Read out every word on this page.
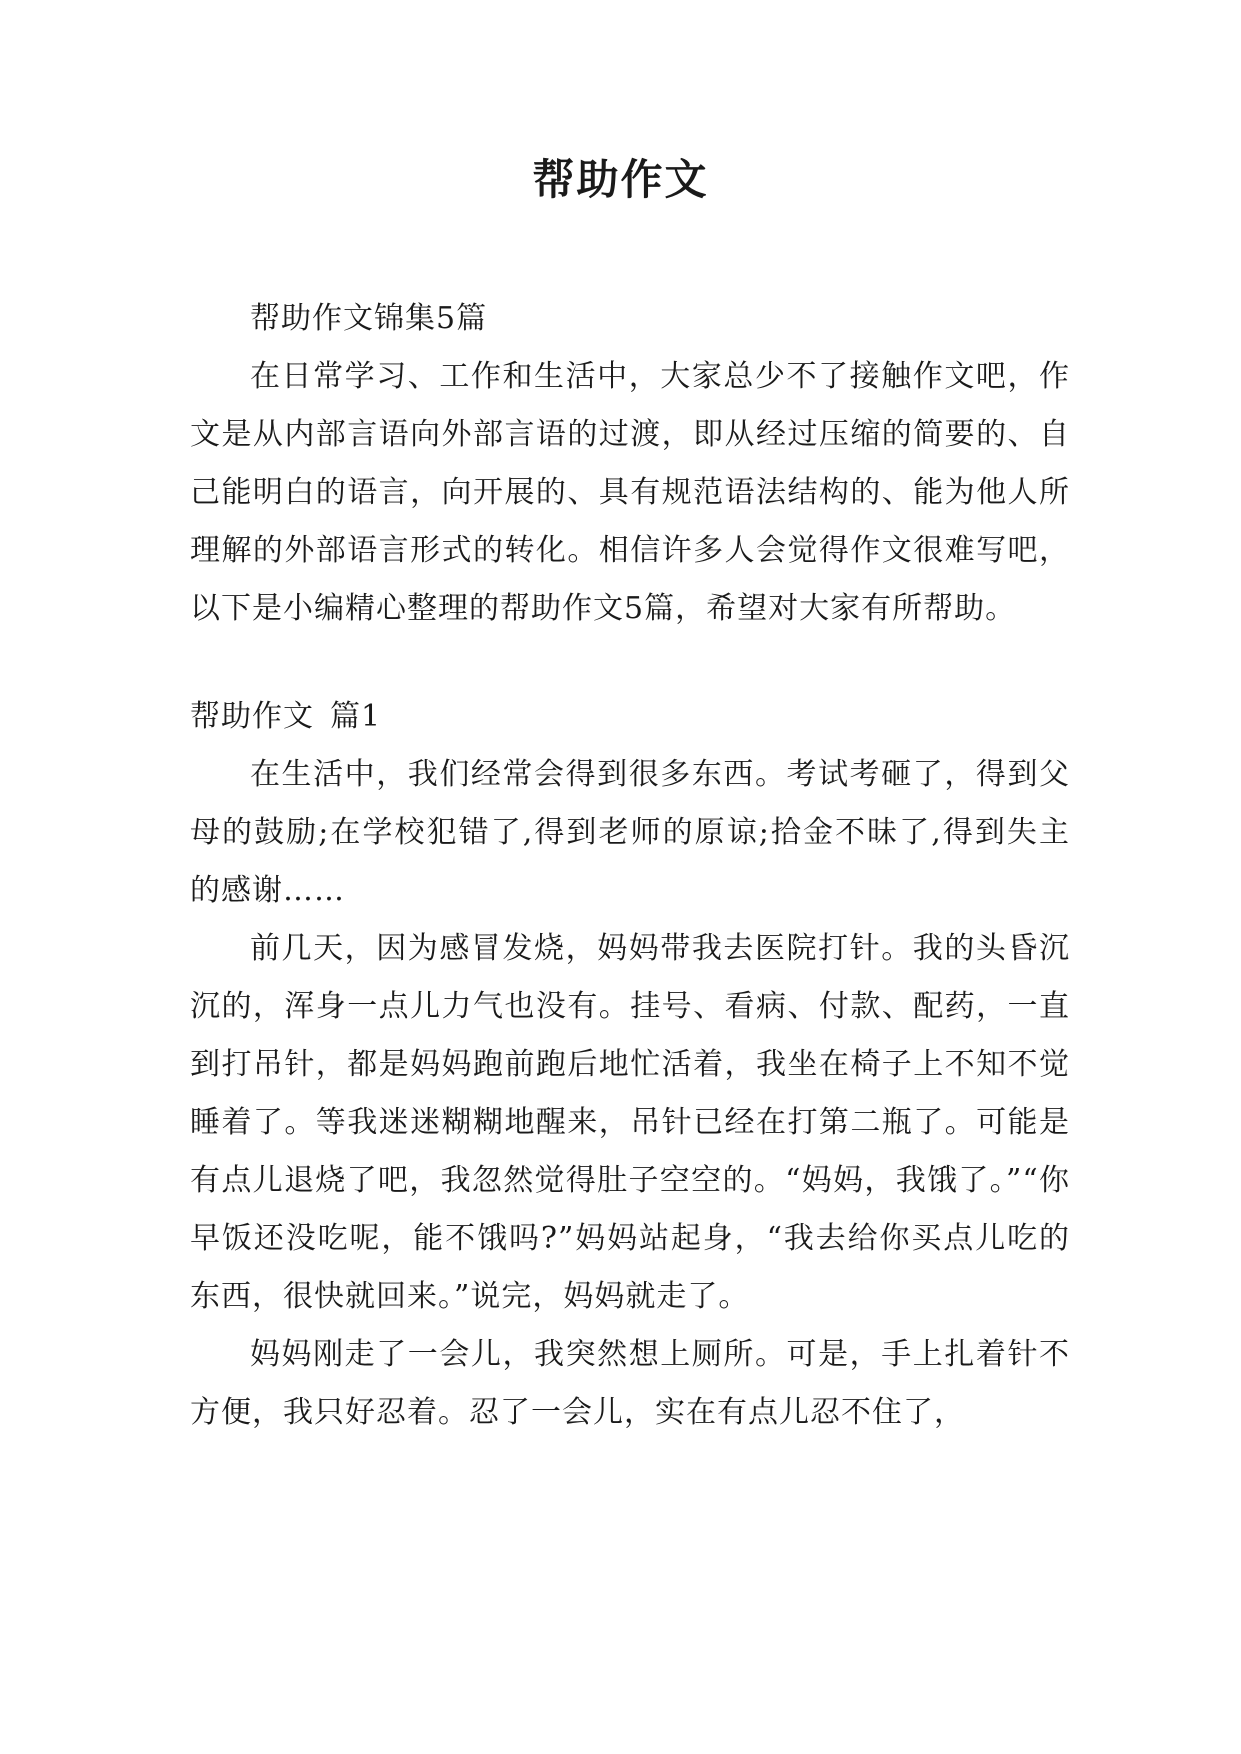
帮助作文

帮助作文锦集5篇

在日常学习、工作和生活中，大家总少不了接触作文吧，作文是从内部言语向外部言语的过渡，即从经过压缩的简要的、自己能明白的语言，向开展的、具有规范语法结构的、能为他人所理解的外部语言形式的转化。相信许多人会觉得作文很难写吧，以下是小编精心整理的帮助作文5篇，希望对大家有所帮助。

帮助作文 篇1

在生活中，我们经常会得到很多东西。考试考砸了，得到父母的鼓励;在学校犯错了,得到老师的原谅;拾金不昧了,得到失主的感谢……

前几天，因为感冒发烧，妈妈带我去医院打针。我的头昏沉沉的，浑身一点儿力气也没有。挂号、看病、付款、配药，一直到打吊针，都是妈妈跑前跑后地忙活着，我坐在椅子上不知不觉睡着了。等我迷迷糊糊地醒来，吊针已经在打第二瓶了。可能是有点儿退烧了吧，我忽然觉得肚子空空的。“妈妈，我饿了。”“你早饭还没吃呢，能不饿吗?”妈妈站起身，“我去给你买点儿吃的东西，很快就回来。”说完，妈妈就走了。

妈妈刚走了一会儿，我突然想上厕所。可是，手上扎着针不方便，我只好忍着。忍了一会儿，实在有点儿忍不住了，
